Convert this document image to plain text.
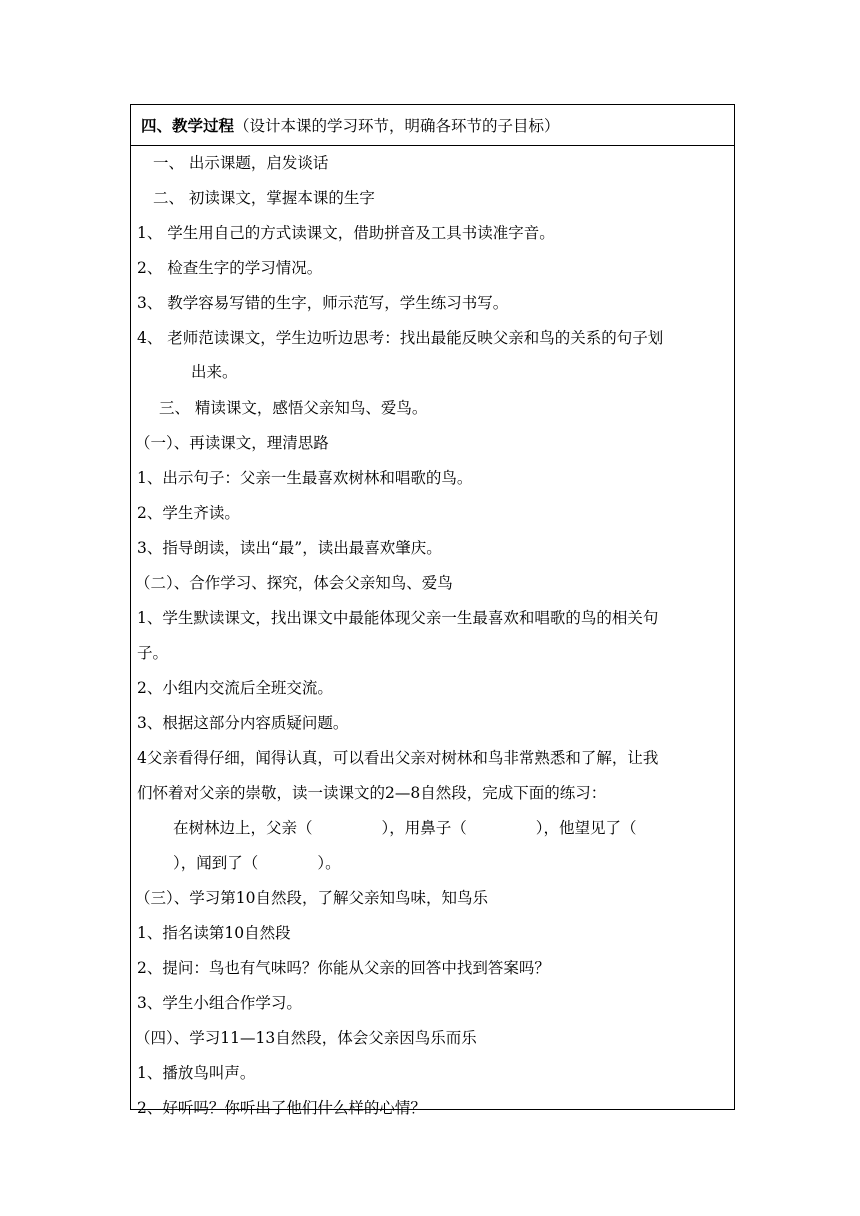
四、教学过程 （设计本课的学习环节，明确各环节的子目标）
一、 出示课题，启发谈话
二、 初读课文，掌握本课的生字
1、 学生用自己的方式读课文，借助拼音及工具书读准字音。
2、 检查生字的学习情况。
3、 教学容易写错的生字，师示范写，学生练习书写。
4、 老师范读课文，学生边听边思考：找出最能反映父亲和鸟的关系的句子划
出来。
三、 精读课文，感悟父亲知鸟、爱鸟。
（一）、再读课文，理清思路
1、出示句子：父亲一生最喜欢树林和唱歌的鸟。
2、学生齐读。
3、指导朗读，读出“最”，读出最喜欢肇庆。
（二）、合作学习、探究，体会父亲知鸟、爱鸟
1、学生默读课文，找出课文中最能体现父亲一生最喜欢和唱歌的鸟的相关句
子。
2、小组内交流后全班交流。
3、根据这部分内容质疑问题。
4父亲看得仔细，闻得认真，可以看出父亲对树林和鸟非常熟悉和了解，让我
们怀着对父亲的崇敬，读一读课文的2—8自然段，完成下面的练习：
在树林边上，父亲（              ），用鼻子（              ），他望见了（
），闻到了（            ）。
（三）、学习第10自然段，了解父亲知鸟味，知鸟乐
1、指名读第10自然段
2、提问：鸟也有气味吗？你能从父亲的回答中找到答案吗？
3、学生小组合作学习。
（四）、学习11—13自然段，体会父亲因鸟乐而乐
1、播放鸟叫声。
2、好听吗？你听出了他们什么样的心情？
